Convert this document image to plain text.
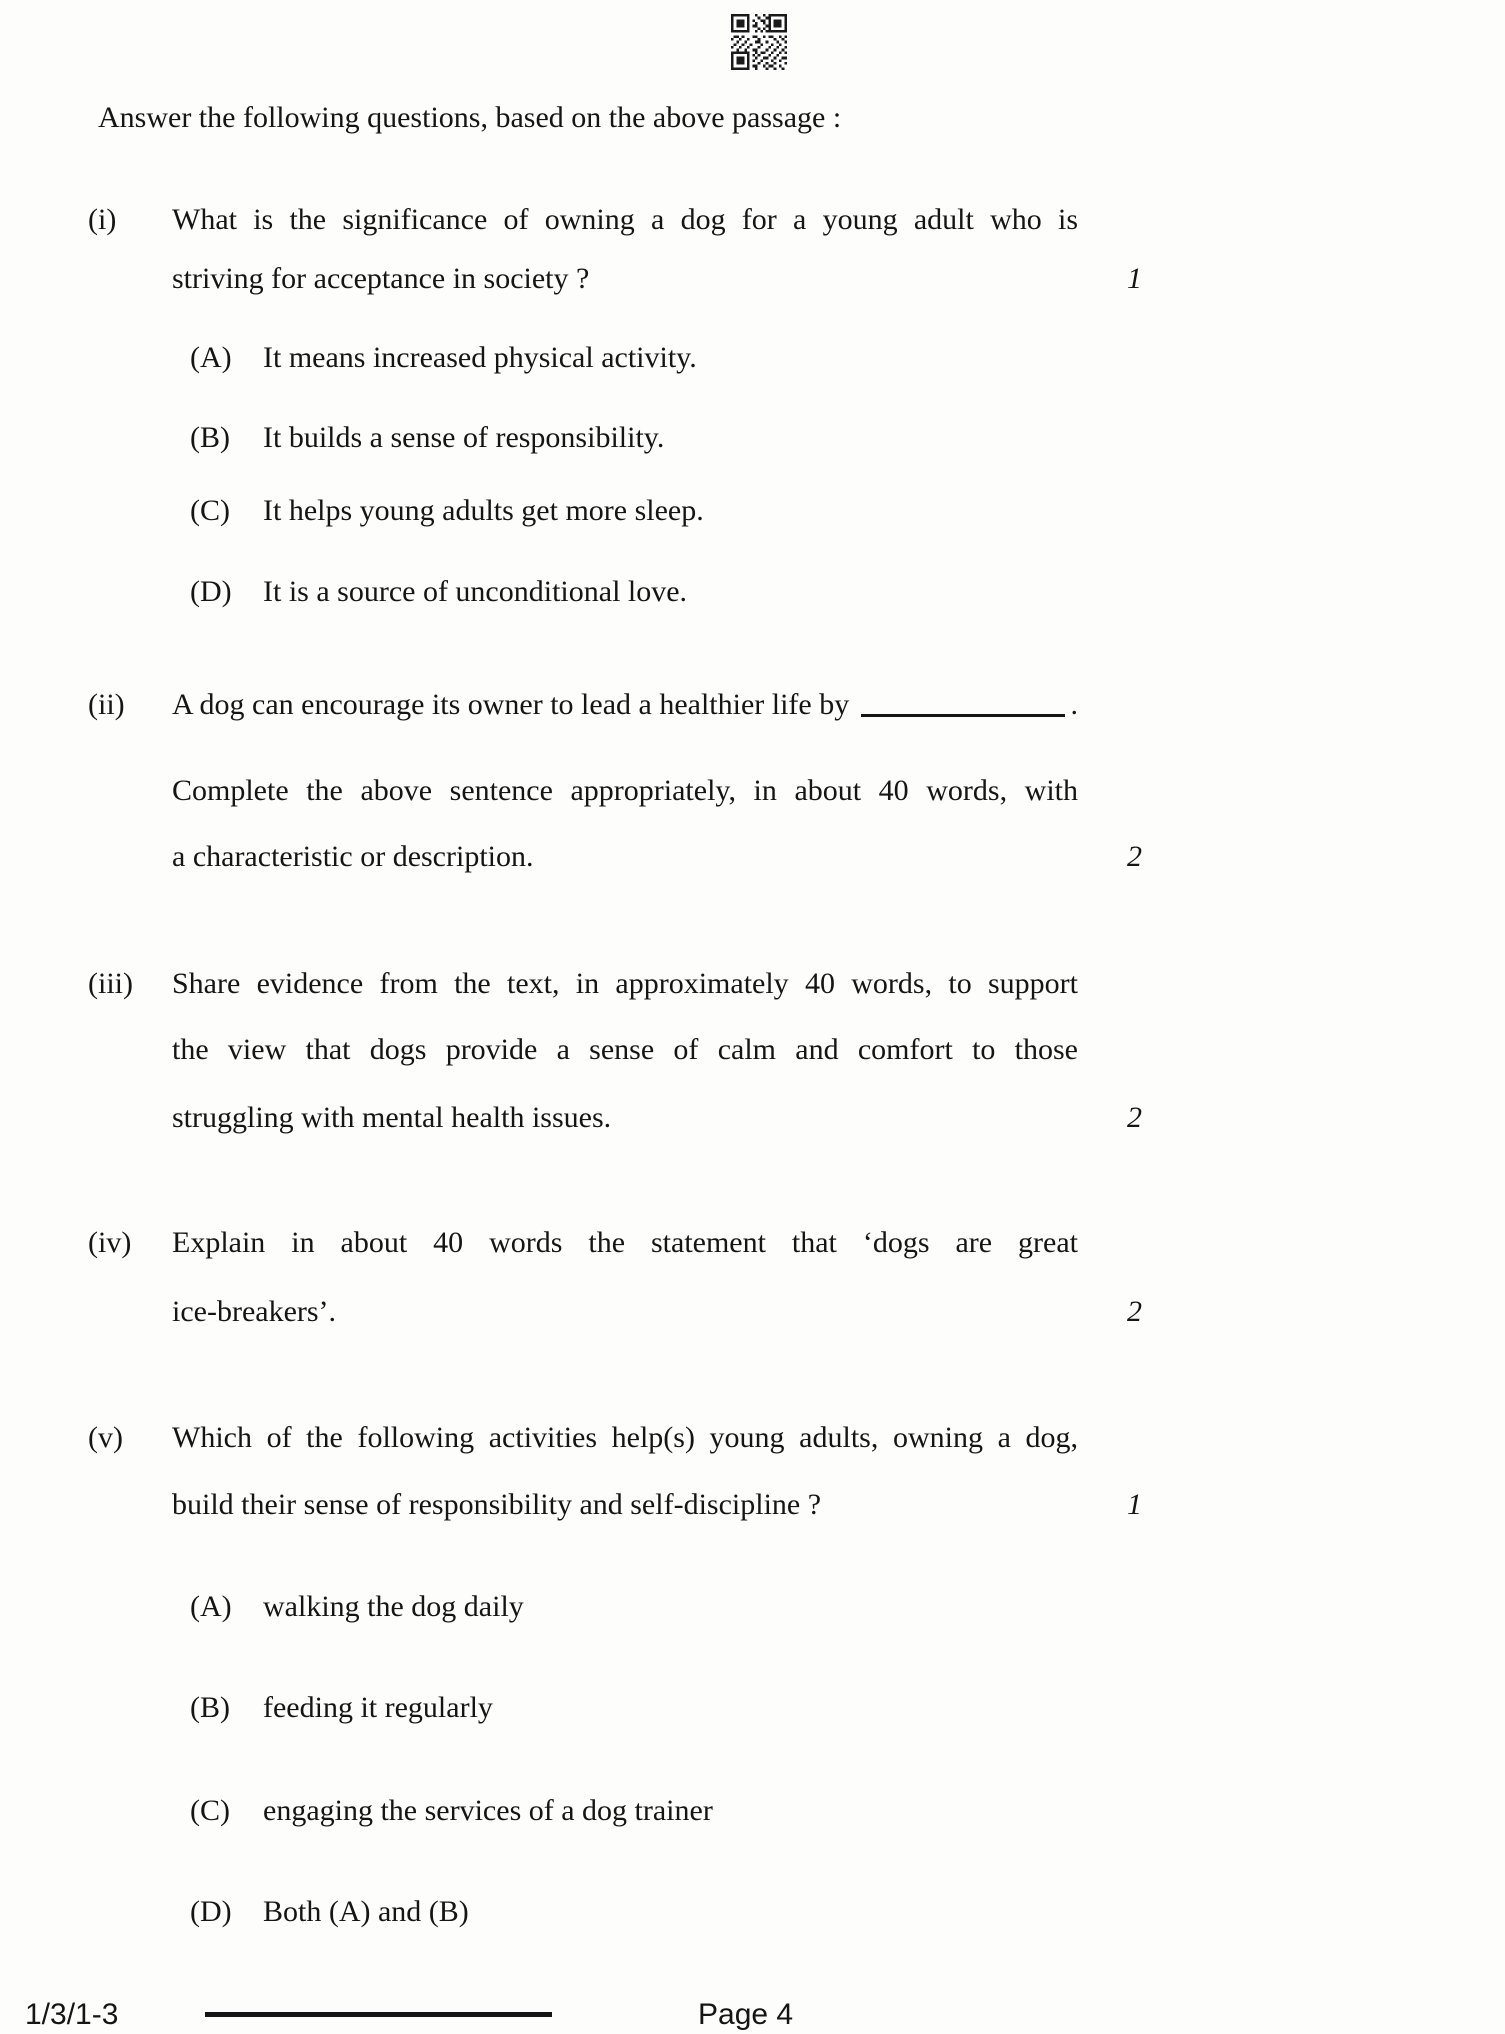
Answer the following questions, based on the above passage :
(i)	What is the significance of owning a dog for a young adult who is
striving for acceptance in society ?	1
(A)	It means increased physical activity.
(B)	It builds a sense of responsibility.
(C)	It helps young adults get more sleep.
(D)	It is a source of unconditional love.
(ii)	A dog can encourage its owner to lead a healthier life by	.
Complete the above sentence appropriately, in about 40 words, with
a characteristic or description.	2
(iii)	Share evidence from the text, in approximately 40 words, to support
the view that dogs provide a sense of calm and comfort to those
struggling with mental health issues.	2
(iv)	Explain in about 40 words the statement that ‘dogs are great
ice-breakers’.	2
(v)	Which of the following activities help(s) young adults, owning a dog,
build their sense of responsibility and self-discipline ?	1
(A)	walking the dog daily
(B)	feeding it regularly
(C)	engaging the services of a dog trainer
(D)	Both (A) and (B)
1/3/1-3	Page 4
